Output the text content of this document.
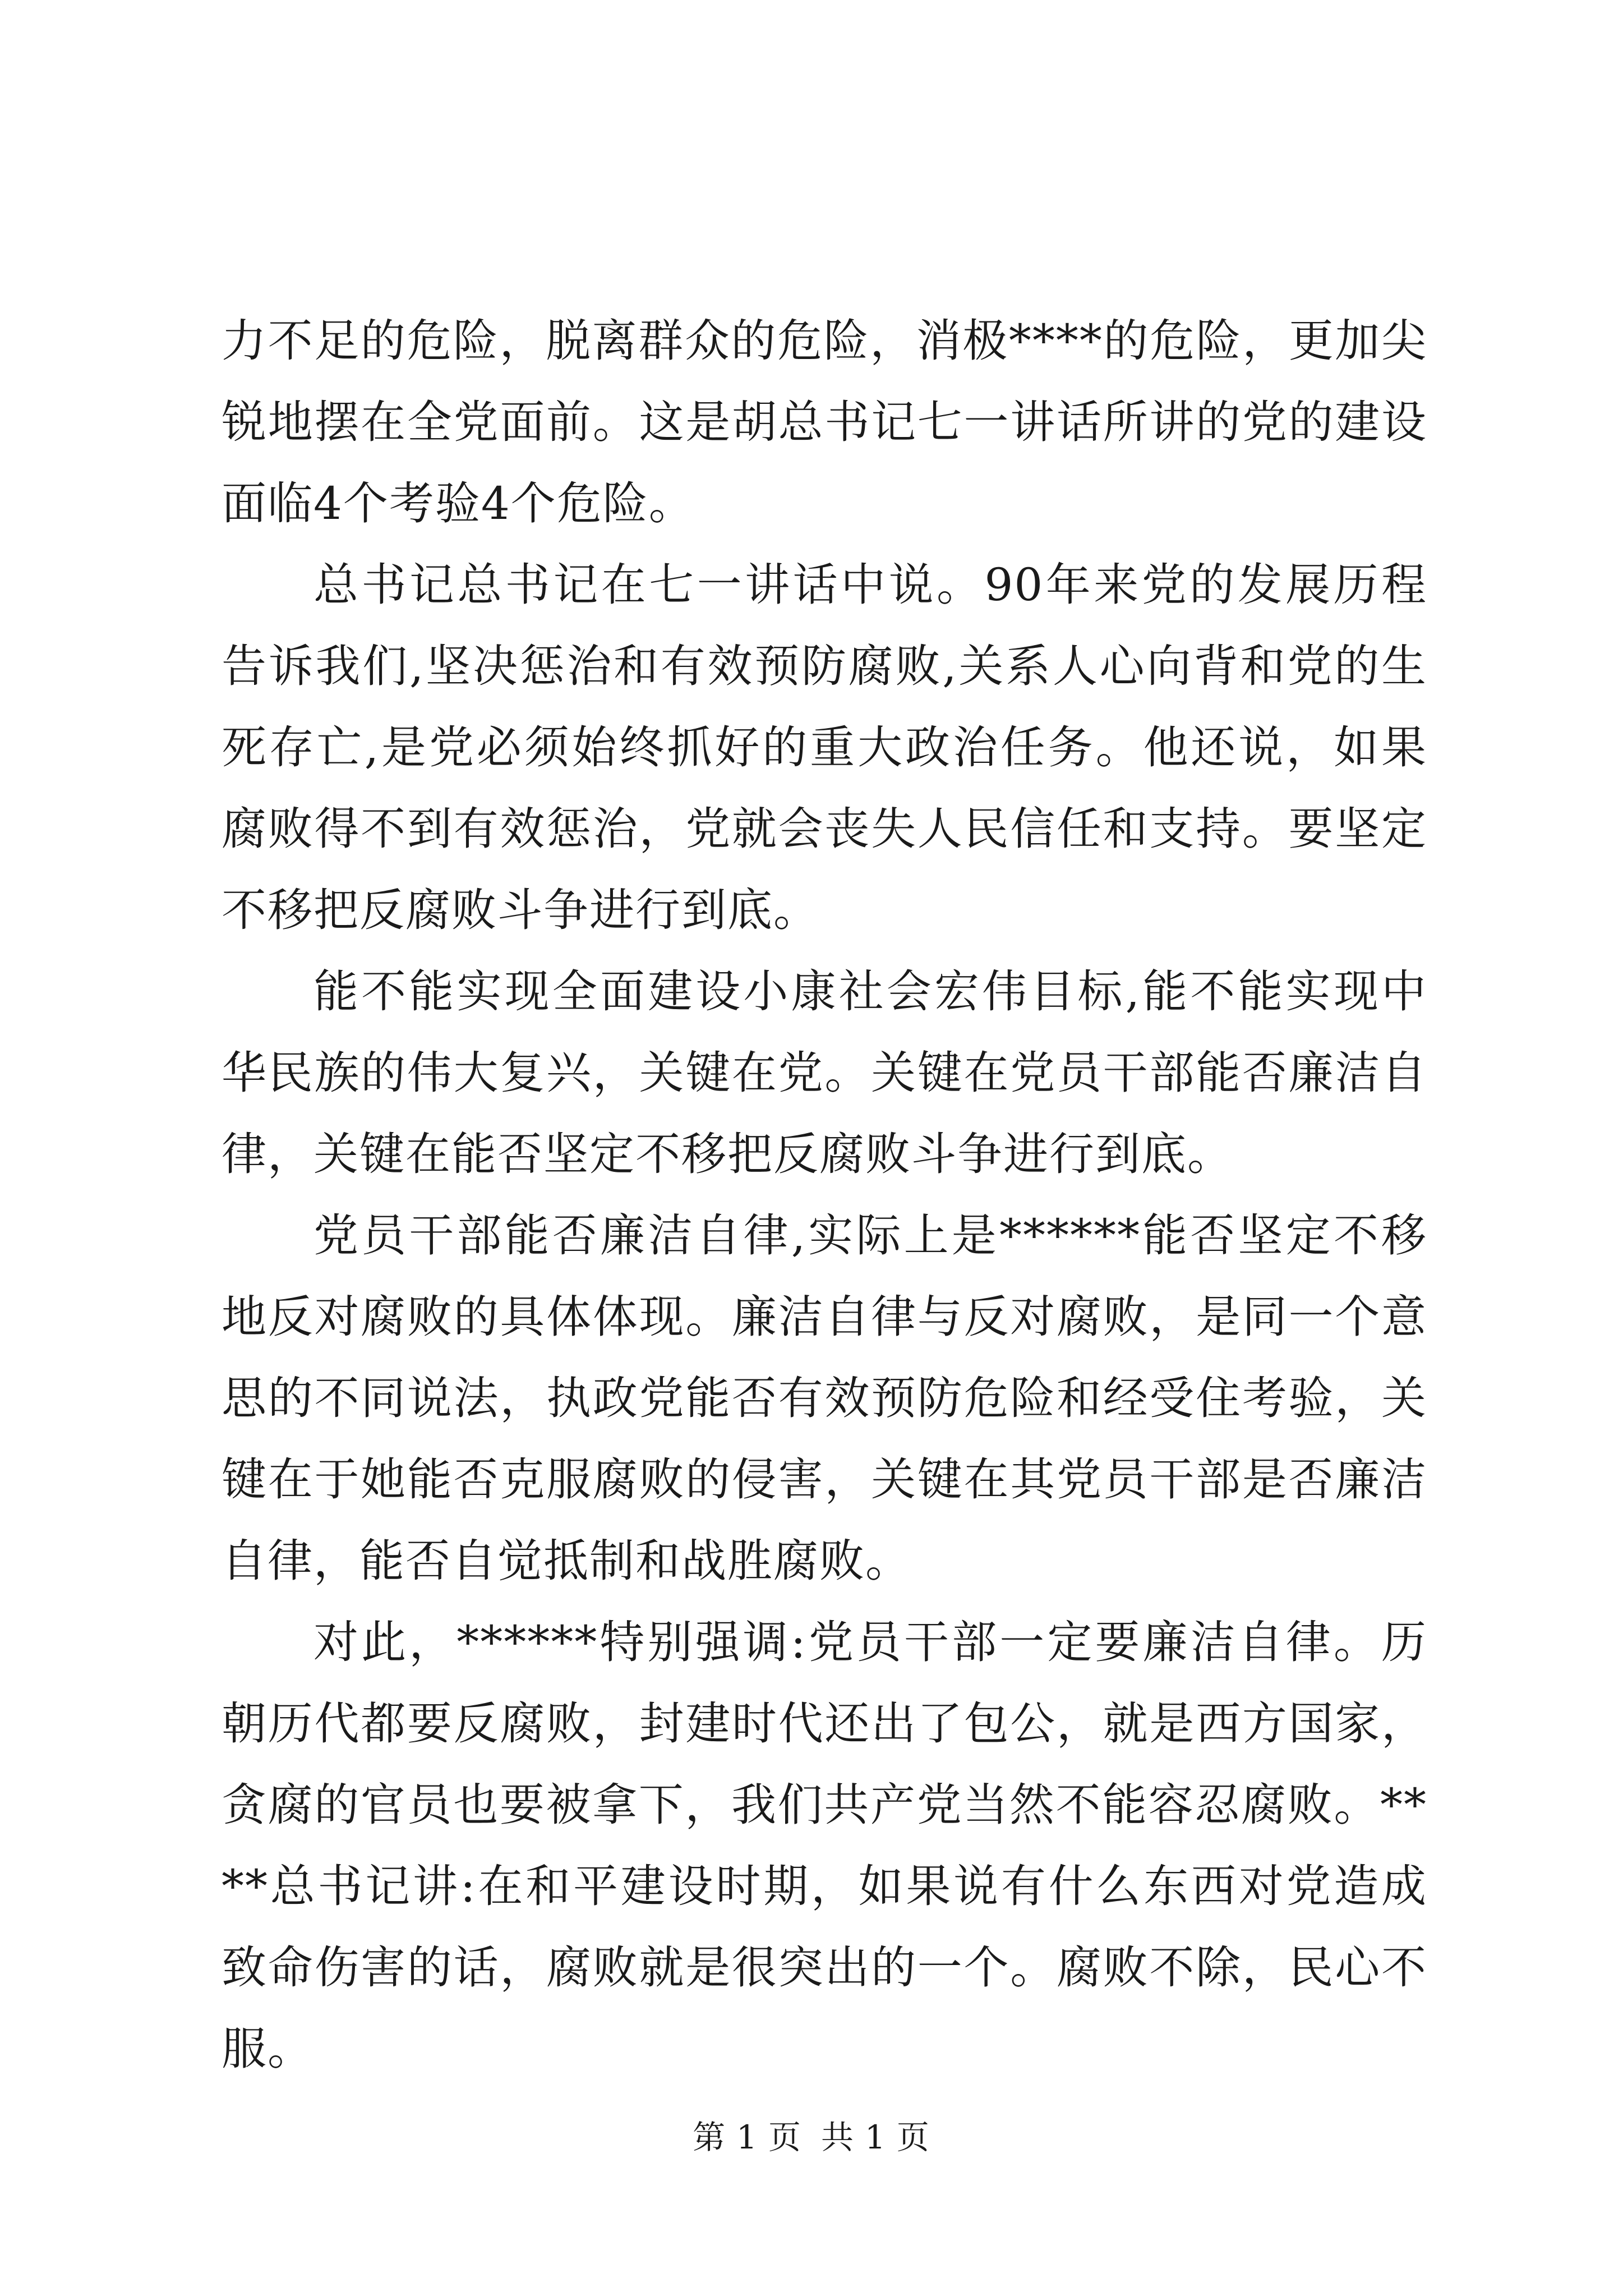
力不足的危险，脱离群众的危险，消极****的危险，更加尖锐地摆在全党面前。这是胡总书记七一讲话所讲的党的建设面临4个考验4个危险。

总书记总书记在七一讲话中说。90年来党的发展历程告诉我们,坚决惩治和有效预防腐败,关系人心向背和党的生死存亡,是党必须始终抓好的重大政治任务。他还说，如果腐败得不到有效惩治，党就会丧失人民信任和支持。要坚定不移把反腐败斗争进行到底。

能不能实现全面建设小康社会宏伟目标,能不能实现中华民族的伟大复兴，关键在党。关键在党员干部能否廉洁自律，关键在能否坚定不移把反腐败斗争进行到底。

党员干部能否廉洁自律,实际上是******能否坚定不移地反对腐败的具体体现。廉洁自律与反对腐败，是同一个意思的不同说法，执政党能否有效预防危险和经受住考验，关键在于她能否克服腐败的侵害，关键在其党员干部是否廉洁自律，能否自觉抵制和战胜腐败。

对此，******特别强调:党员干部一定要廉洁自律。历朝历代都要反腐败，封建时代还出了包公，就是西方国家，贪腐的官员也要被拿下，我们共产党当然不能容忍腐败。****总书记讲:在和平建设时期，如果说有什么东西对党造成致命伤害的话，腐败就是很突出的一个。腐败不除，民心不服。

第 1 页 共 1 页
